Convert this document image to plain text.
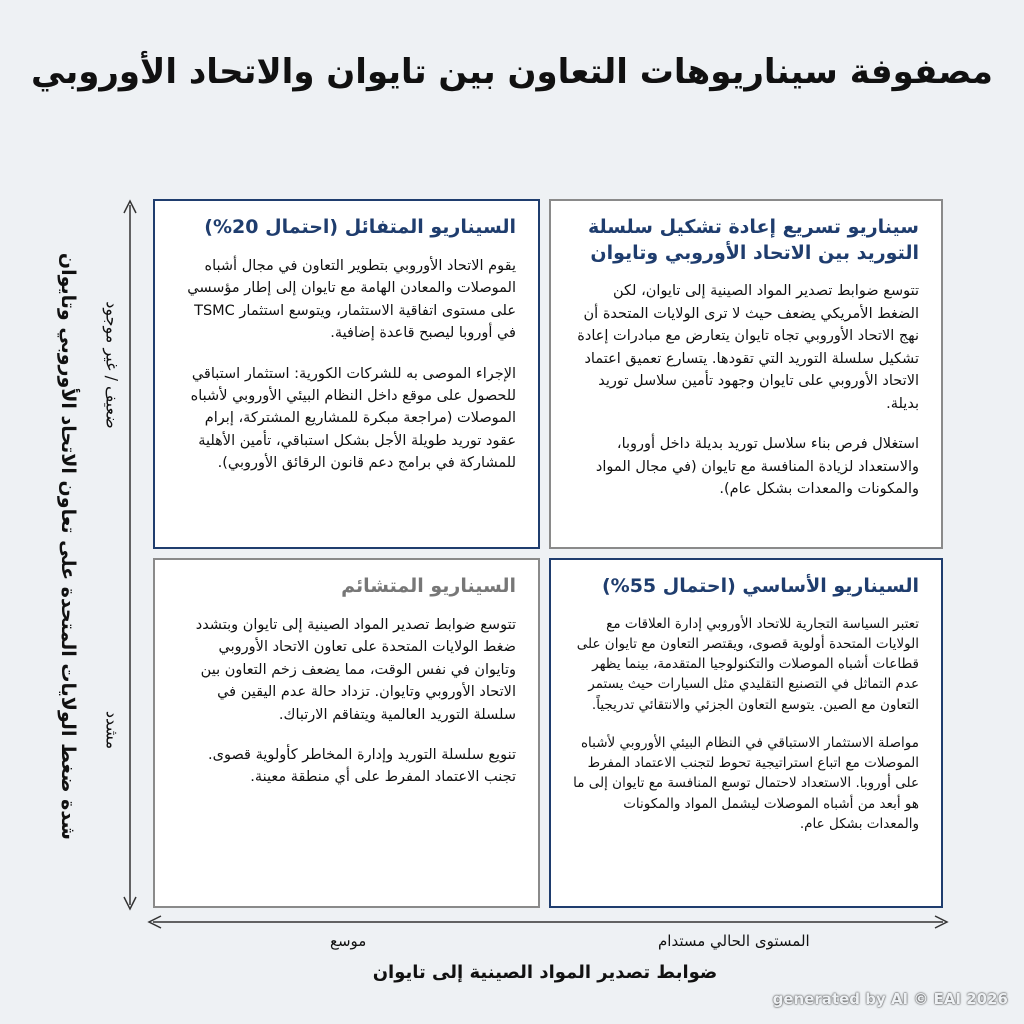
مصفوفة سيناريوهات التعاون بين تايوان والاتحاد الأوروبي
السيناريو المتفائل (احتمال 20%)
يقوم الاتحاد الأوروبي بتطوير التعاون في مجال أشباه الموصلات والمعادن الهامة مع تايوان إلى إطار مؤسسي على مستوى اتفاقية الاستثمار، ويتوسع استثمار TSMC في أوروبا ليصبح قاعدة إضافية.
الإجراء الموصى به للشركات الكورية: استثمار استباقي للحصول على موقع داخل النظام البيئي الأوروبي لأشباه الموصلات (مراجعة مبكرة للمشاريع المشتركة، إبرام عقود توريد طويلة الأجل بشكل استباقي، تأمين الأهلية للمشاركة في برامج دعم قانون الرقائق الأوروبي).
سيناريو تسريع إعادة تشكيل سلسلة التوريد بين الاتحاد الأوروبي وتايوان
تتوسع ضوابط تصدير المواد الصينية إلى تايوان، لكن الضغط الأمريكي يضعف حيث لا ترى الولايات المتحدة أن نهج الاتحاد الأوروبي تجاه تايوان يتعارض مع مبادرات إعادة تشكيل سلسلة التوريد التي تقودها. يتسارع تعميق اعتماد الاتحاد الأوروبي على تايوان وجهود تأمين سلاسل توريد بديلة.
استغلال فرص بناء سلاسل توريد بديلة داخل أوروبا، والاستعداد لزيادة المنافسة مع تايوان (في مجال المواد والمكونات والمعدات بشكل عام).
السيناريو المتشائم
تتوسع ضوابط تصدير المواد الصينية إلى تايوان وبتشدد ضغط الولايات المتحدة على تعاون الاتحاد الأوروبي وتايوان في نفس الوقت، مما يضعف زخم التعاون بين الاتحاد الأوروبي وتايوان. تزداد حالة عدم اليقين في سلسلة التوريد العالمية ويتفاقم الارتباك.
تنويع سلسلة التوريد وإدارة المخاطر كأولوية قصوى. تجنب الاعتماد المفرط على أي منطقة معينة.
السيناريو الأساسي (احتمال 55%)
تعتبر السياسة التجارية للاتحاد الأوروبي إدارة العلاقات مع الولايات المتحدة أولوية قصوى، ويقتصر التعاون مع تايوان على قطاعات أشباه الموصلات والتكنولوجيا المتقدمة، بينما يظهر عدم التماثل في التصنيع التقليدي مثل السيارات حيث يستمر التعاون مع الصين. يتوسع التعاون الجزئي والانتقائي تدريجياً.
مواصلة الاستثمار الاستباقي في النظام البيئي الأوروبي لأشباه الموصلات مع اتباع استراتيجية تحوط لتجنب الاعتماد المفرط على أوروبا. الاستعداد لاحتمال توسع المنافسة مع تايوان إلى ما هو أبعد من أشباه الموصلات ليشمل المواد والمكونات والمعدات بشكل عام.
شدة ضغط الولايات المتحدة على تعاون الاتحاد الأوروبي وتايوان ضعيف / غير موجود
مشدد
موسع	المستوى الحالي مستدام
ضوابط تصدير المواد الصينية إلى تايوان
generated by AI © EAI 2026
